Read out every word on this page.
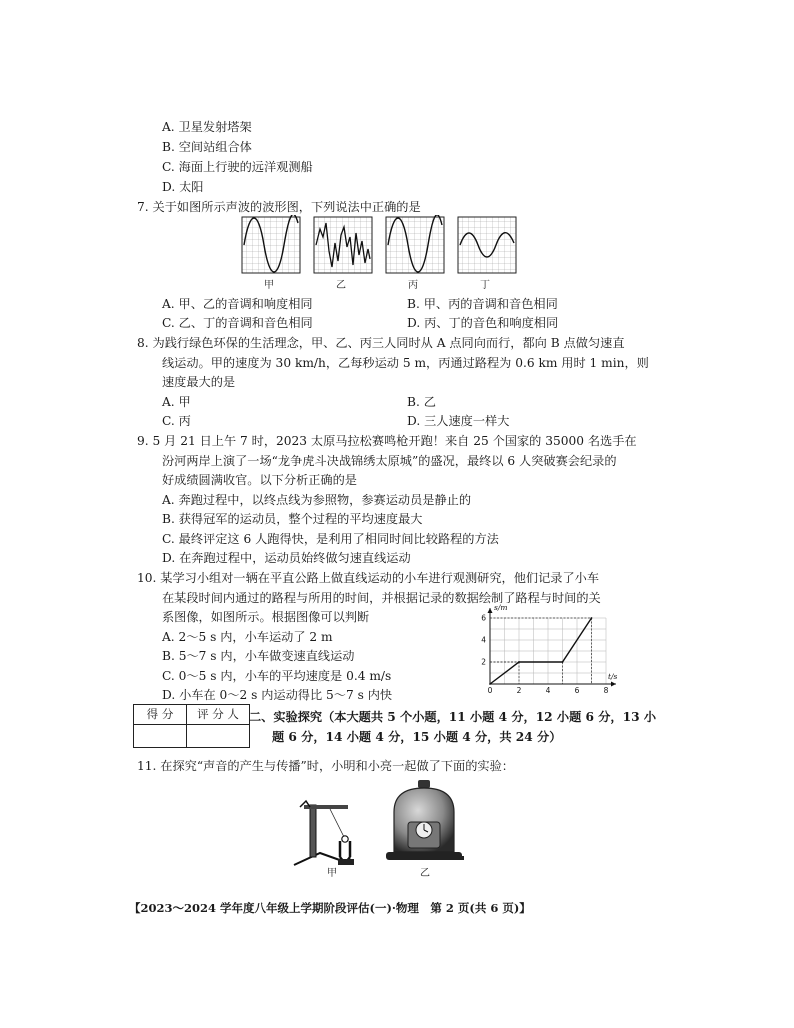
A. 卫星发射塔架
B. 空间站组合体
C. 海面上行驶的远洋观测船
D. 太阳
7. 关于如图所示声波的波形图，下列说法中正确的是
甲	乙	丙	丁
A. 甲、乙的音调和响度相同	B. 甲、丙的音调和音色相同
C. 乙、丁的音调和音色相同	D. 丙、丁的音色和响度相同
8. 为践行绿色环保的生活理念，甲、乙、丙三人同时从 A 点同向而行，都向 B 点做匀速直
线运动。甲的速度为 30 km/h，乙每秒运动 5 m，丙通过路程为 0.6 km 用时 1 min，则
速度最大的是
A. 甲	B. 乙
C. 丙	D. 三人速度一样大
9. 5 月 21 日上午 7 时，2023 太原马拉松赛鸣枪开跑！来自 25 个国家的 35000 名选手在
汾河两岸上演了一场“龙争虎斗决战锦绣太原城”的盛况，最终以 6 人突破赛会纪录的
好成绩圆满收官。以下分析正确的是
A. 奔跑过程中，以终点线为参照物，参赛运动员是静止的
B. 获得冠军的运动员，整个过程的平均速度最大
C. 最终评定这 6 人跑得快，是利用了相同时间比较路程的方法
D. 在奔跑过程中，运动员始终做匀速直线运动
10. 某学习小组对一辆在平直公路上做直线运动的小车进行观测研究，他们记录了小车
在某段时间内通过的路程与所用的时间，并根据记录的数据绘制了路程与时间的关
系图像，如图所示。根据图像可以判断
A. 2～5 s 内，小车运动了 2 m
B. 5～7 s 内，小车做变速直线运动
C. 0～5 s 内，小车的平均速度是 0.4 m/s
D. 小车在 0～2 s 内运动得比 5～7 s 内快	0	2	4	6	8
2
4
6
s/m
t/s
得 分	评 分 人
	二、实验探究（本大题共 5 个小题，11 小题 4 分，12 小题 6 分，13 小
题 6 分，14 小题 4 分，15 小题 4 分，共 24 分）
11. 在探究“声音的产生与传播”时，小明和小亮一起做了下面的实验：
甲	乙
【2023～2024 学年度八年级上学期阶段评估(一)·物理　第 2 页(共 6 页)】
